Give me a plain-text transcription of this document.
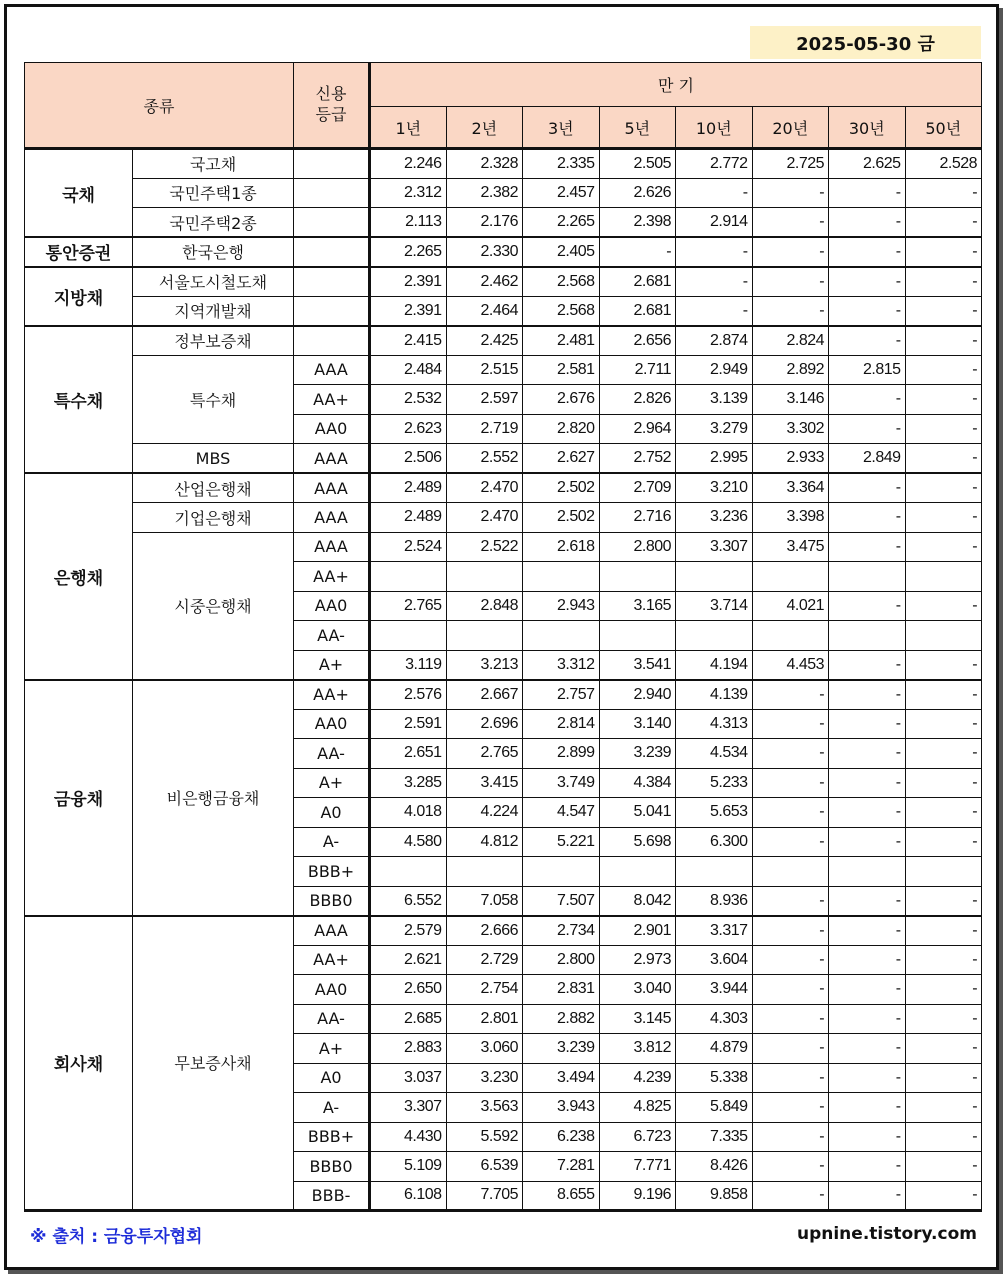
2025-05-30 금
종류		신용
등급	만 기							
			1년	2년	3년	5년	10년	20년	30년	50년
국채	국고채		2.246	2.328	2.335	2.505	2.772	2.725	2.625	2.528
	국민주택1종		2.312	2.382	2.457	2.626	-	-	-	-
	국민주택2종		2.113	2.176	2.265	2.398	2.914	-	-	-
통안증권	한국은행		2.265	2.330	2.405	-	-	-	-	-
지방채	서울도시철도채		2.391	2.462	2.568	2.681	-	-	-	-
	지역개발채		2.391	2.464	2.568	2.681	-	-	-	-
특수채	정부보증채		2.415	2.425	2.481	2.656	2.874	2.824	-	-
	특수채	AAA	2.484	2.515	2.581	2.711	2.949	2.892	2.815	-
		AA+	2.532	2.597	2.676	2.826	3.139	3.146	-	-
		AA0	2.623	2.719	2.820	2.964	3.279	3.302	-	-
	MBS	AAA	2.506	2.552	2.627	2.752	2.995	2.933	2.849	-
은행채	산업은행채	AAA	2.489	2.470	2.502	2.709	3.210	3.364	-	-
	기업은행채	AAA	2.489	2.470	2.502	2.716	3.236	3.398	-	-
	시중은행채	AAA	2.524	2.522	2.618	2.800	3.307	3.475	-	-
		AA+								
		AA0	2.765	2.848	2.943	3.165	3.714	4.021	-	-
		AA-								
		A+	3.119	3.213	3.312	3.541	4.194	4.453	-	-
금융채	비은행금융채	AA+	2.576	2.667	2.757	2.940	4.139	-	-	-
		AA0	2.591	2.696	2.814	3.140	4.313	-	-	-
		AA-	2.651	2.765	2.899	3.239	4.534	-	-	-
		A+	3.285	3.415	3.749	4.384	5.233	-	-	-
		A0	4.018	4.224	4.547	5.041	5.653	-	-	-
		A-	4.580	4.812	5.221	5.698	6.300	-	-	-
		BBB+								
		BBB0	6.552	7.058	7.507	8.042	8.936	-	-	-
회사채	무보증사채	AAA	2.579	2.666	2.734	2.901	3.317	-	-	-
		AA+	2.621	2.729	2.800	2.973	3.604	-	-	-
		AA0	2.650	2.754	2.831	3.040	3.944	-	-	-
		AA-	2.685	2.801	2.882	3.145	4.303	-	-	-
		A+	2.883	3.060	3.239	3.812	4.879	-	-	-
		A0	3.037	3.230	3.494	4.239	5.338	-	-	-
		A-	3.307	3.563	3.943	4.825	5.849	-	-	-
		BBB+	4.430	5.592	6.238	6.723	7.335	-	-	-
		BBB0	5.109	6.539	7.281	7.771	8.426	-	-	-
		BBB-	6.108	7.705	8.655	9.196	9.858	-	-	-
※ 출처 : 금융투자협회	upnine.tistory.com
